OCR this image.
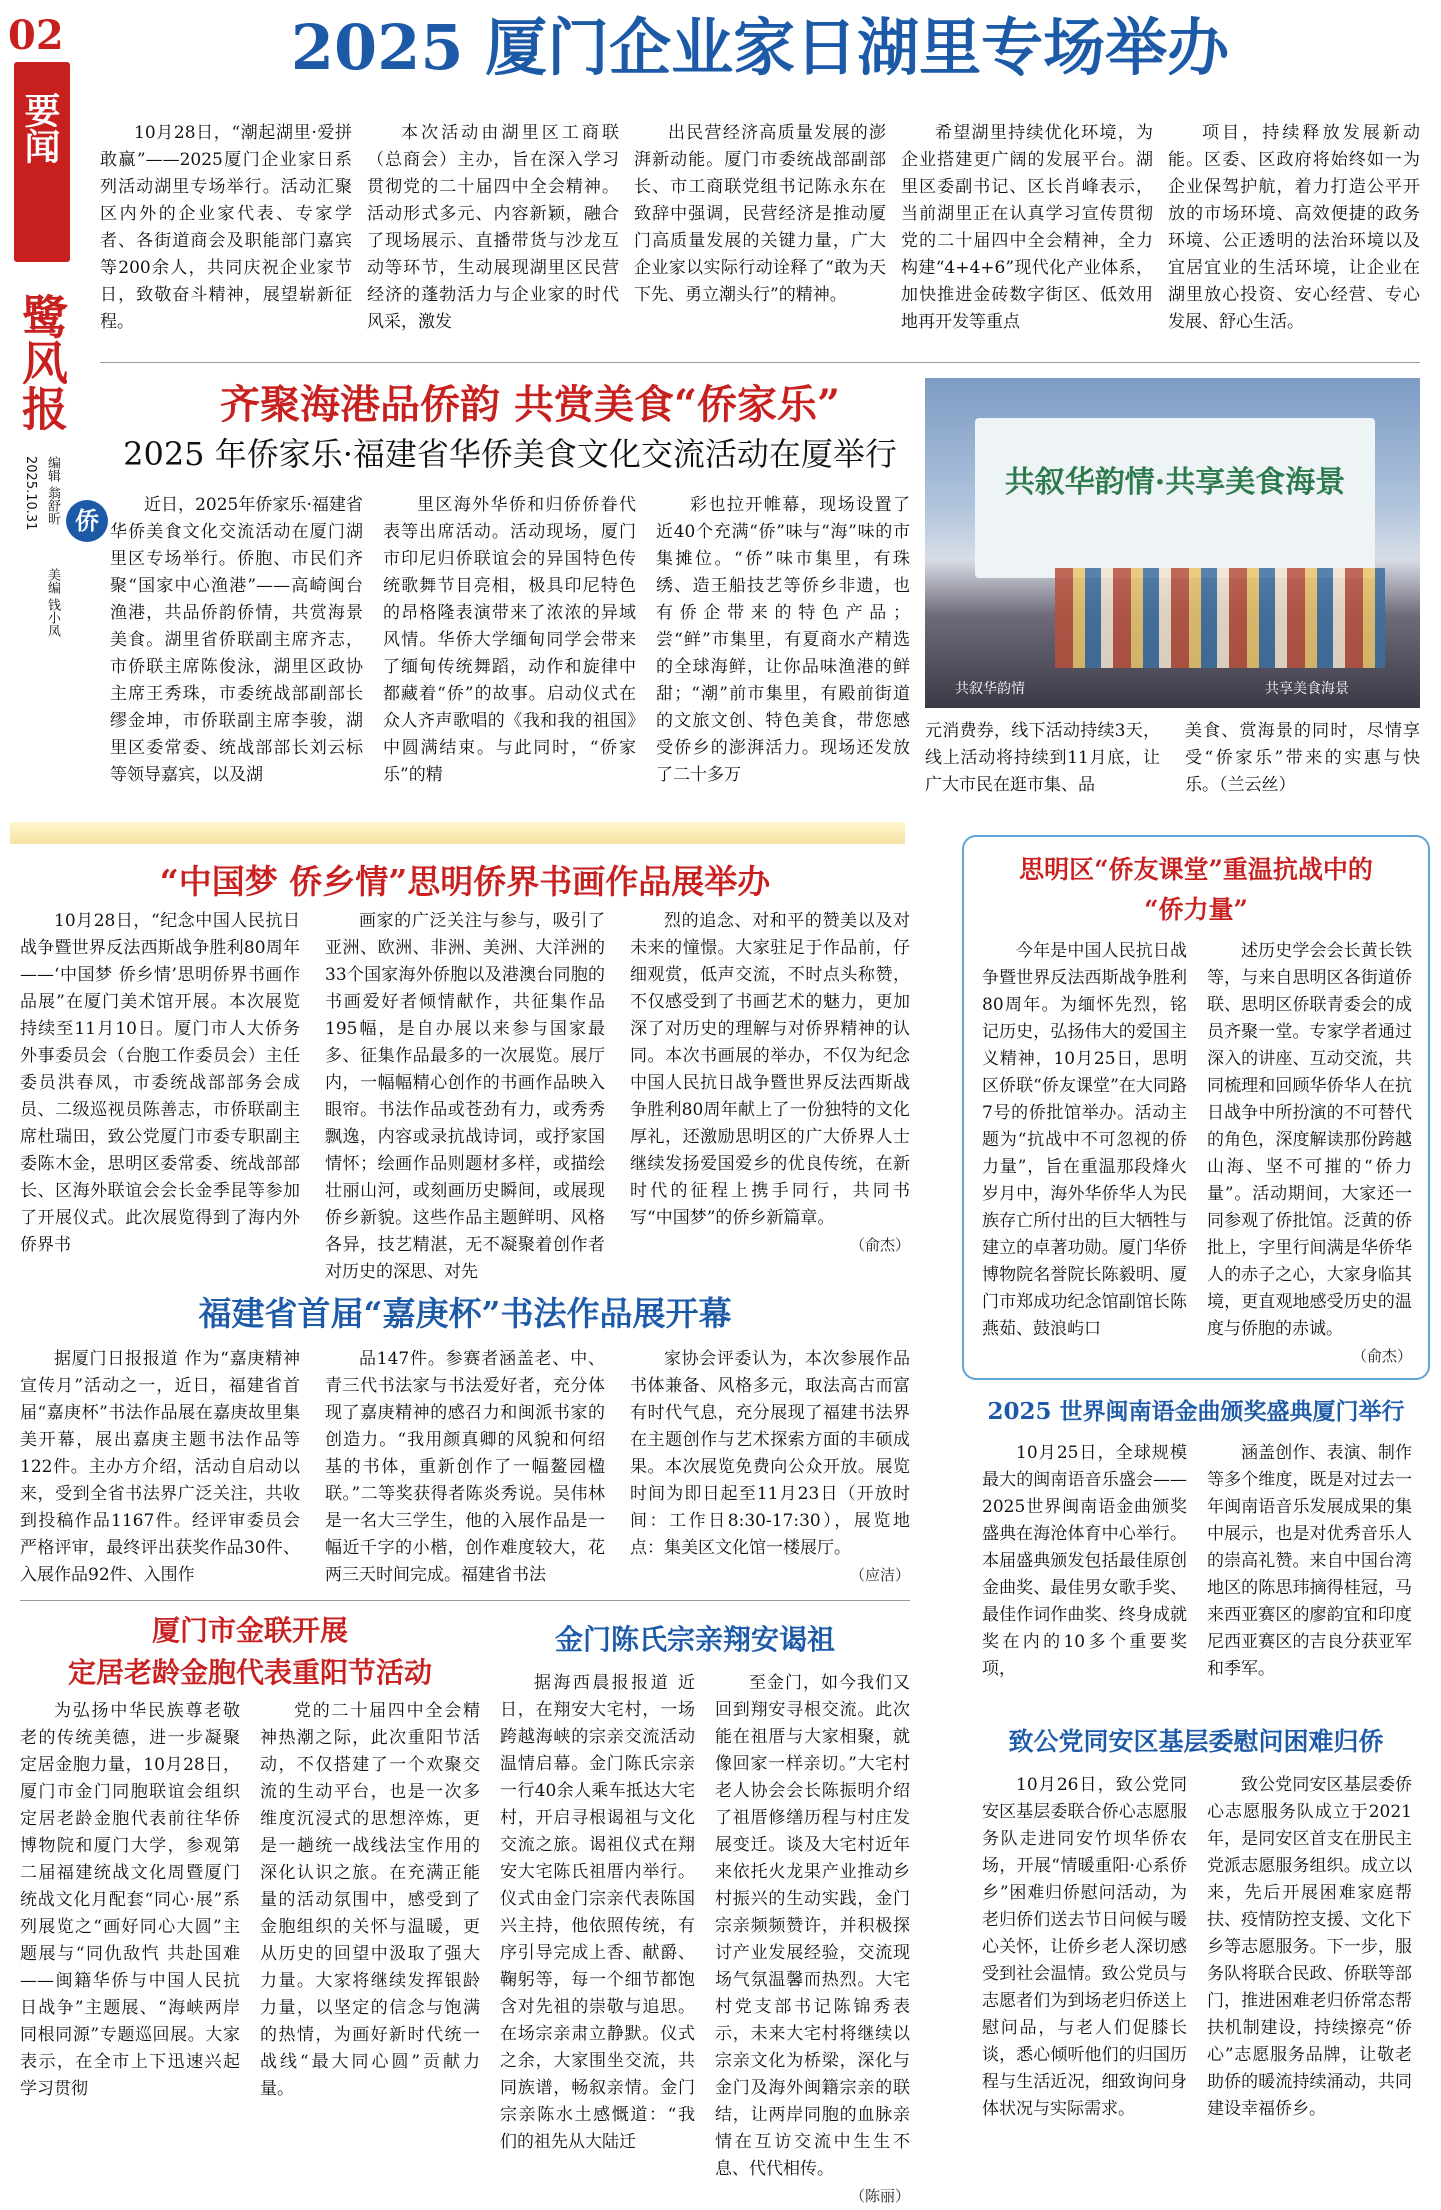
02
要闻
鹭风报
2025.10.31 编辑 翁舒昕
美编 钱小凤
2025 厦门企业家日湖里专场举办

10月28日，“潮起湖里·爱拼敢赢”——2025厦门企业家日系列活动湖里专场举行。活动汇聚区内外的企业家代表、专家学者、各街道商会及职能部门嘉宾等200余人，共同庆祝企业家节日，致敬奋斗精神，展望崭新征程。

本次活动由湖里区工商联（总商会）主办，旨在深入学习贯彻党的二十届四中全会精神。活动形式多元、内容新颖，融合了现场展示、直播带货与沙龙互动等环节，生动展现湖里区民营经济的蓬勃活力与企业家的时代风采，激发

出民营经济高质量发展的澎湃新动能。厦门市委统战部副部长、市工商联党组书记陈永东在致辞中强调，民营经济是推动厦门高质量发展的关键力量，广大企业家以实际行动诠释了“敢为天下先、勇立潮头行”的精神。

希望湖里持续优化环境，为企业搭建更广阔的发展平台。湖里区委副书记、区长肖峰表示，当前湖里正在认真学习宣传贯彻党的二十届四中全会精神，全力构建“4+4+6”现代化产业体系，加快推进金砖数字街区、低效用地再开发等重点

项目，持续释放发展新动能。区委、区政府将始终如一为企业保驾护航，着力打造公平开放的市场环境、高效便捷的政务环境、公正透明的法治环境以及宜居宜业的生活环境，让企业在湖里放心投资、安心经营、专心发展、舒心生活。

齐聚海港品侨韵 共赏美食“侨家乐”
2025 年侨家乐·福建省华侨美食文化交流活动在厦举行
侨

近日，2025年侨家乐·福建省华侨美食文化交流活动在厦门湖里区专场举行。侨胞、市民们齐聚“国家中心渔港”——高崎闽台渔港，共品侨韵侨情，共赏海景美食。湖里省侨联副主席齐志，市侨联主席陈俊泳，湖里区政协主席王秀珠，市委统战部副部长缪金坤，市侨联副主席李骏，湖里区委常委、统战部部长刘云标等领导嘉宾，以及湖

里区海外华侨和归侨侨眷代表等出席活动。活动现场，厦门市印尼归侨联谊会的异国特色传统歌舞节目亮相，极具印尼特色的昂格隆表演带来了浓浓的异域风情。华侨大学缅甸同学会带来了缅甸传统舞蹈，动作和旋律中都藏着“侨”的故事。启动仪式在众人齐声歌唱的《我和我的祖国》中圆满结束。与此同时，“侨家乐”的精

彩也拉开帷幕，现场设置了近40个充满“侨”味与“海”味的市集摊位。“侨”味市集里，有珠绣、造王船技艺等侨乡非遗，也有侨企带来的特色产品；尝“鲜”市集里，有夏商水产精选的全球海鲜，让你品味渔港的鲜甜；“潮”前市集里，有殿前街道的文旅文创、特色美食，带您感受侨乡的澎湃活力。现场还发放了二十多万

共叙华韵情·共享美食海景
共叙华韵情	共享美食海景

元消费券，线下活动持续3天，线上活动将持续到11月底，让广大市民在逛市集、品

美食、赏海景的同时，尽情享受“侨家乐”带来的实惠与快乐。（兰云丝）

“中国梦 侨乡情”思明侨界书画作品展举办

10月28日，“纪念中国人民抗日战争暨世界反法西斯战争胜利80周年——‘中国梦 侨乡情’思明侨界书画作品展”在厦门美术馆开展。本次展览持续至11月10日。厦门市人大侨务外事委员会（台胞工作委员会）主任委员洪春凤，市委统战部部务会成员、二级巡视员陈善志，市侨联副主席杜瑞田，致公党厦门市委专职副主委陈木金，思明区委常委、统战部部长、区海外联谊会会长金季昆等参加了开展仪式。此次展览得到了海内外侨界书

画家的广泛关注与参与，吸引了亚洲、欧洲、非洲、美洲、大洋洲的33个国家海外侨胞以及港澳台同胞的书画爱好者倾情献作，共征集作品195幅，是自办展以来参与国家最多、征集作品最多的一次展览。展厅内，一幅幅精心创作的书画作品映入眼帘。书法作品或苍劲有力，或秀秀飘逸，内容或录抗战诗词，或抒家国情怀；绘画作品则题材多样，或描绘壮丽山河，或刻画历史瞬间，或展现侨乡新貌。这些作品主题鲜明、风格各异，技艺精湛，无不凝聚着创作者对历史的深思、对先

烈的追念、对和平的赞美以及对未来的憧憬。大家驻足于作品前，仔细观赏，低声交流，不时点头称赞，不仅感受到了书画艺术的魅力，更加深了对历史的理解与对侨界精神的认同。本次书画展的举办，不仅为纪念中国人民抗日战争暨世界反法西斯战争胜利80周年献上了一份独特的文化厚礼，还激励思明区的广大侨界人士继续发扬爱国爱乡的优良传统，在新时代的征程上携手同行，共同书写“中国梦”的侨乡新篇章。

（俞杰）
福建省首届“嘉庚杯”书法作品展开幕

据厦门日报报道 作为“嘉庚精神宣传月”活动之一，近日，福建省首届“嘉庚杯”书法作品展在嘉庚故里集美开幕，展出嘉庚主题书法作品等122件。主办方介绍，活动自启动以来，受到全省书法界广泛关注，共收到投稿作品1167件。经评审委员会严格评审，最终评出获奖作品30件、入展作品92件、入围作

品147件。参赛者涵盖老、中、青三代书法家与书法爱好者，充分体现了嘉庚精神的感召力和闽派书家的创造力。“我用颜真卿的风貌和何绍基的书体，重新创作了一幅鳌园楹联。”二等奖获得者陈炎秀说。吴伟林是一名大三学生，他的入展作品是一幅近千字的小楷，创作难度较大，花两三天时间完成。福建省书法

家协会评委认为，本次参展作品书体兼备、风格多元，取法高古而富有时代气息，充分展现了福建书法界在主题创作与艺术探索方面的丰硕成果。本次展览免费向公众开放。展览时间为即日起至11月23日（开放时间：工作日8:30-17:30），展览地点：集美区文化馆一楼展厅。

（应洁）
厦门市金联开展
定居老龄金胞代表重阳节活动

为弘扬中华民族尊老敬老的传统美德，进一步凝聚定居金胞力量，10月28日，厦门市金门同胞联谊会组织定居老龄金胞代表前往华侨博物院和厦门大学，参观第二届福建统战文化周暨厦门统战文化月配套“同心·展”系列展览之“画好同心大圆”主题展与“同仇敌忾 共赴国难——闽籍华侨与中国人民抗日战争”主题展、“海峡两岸同根同源”专题巡回展。大家表示，在全市上下迅速兴起学习贯彻

党的二十届四中全会精神热潮之际，此次重阳节活动，不仅搭建了一个欢聚交流的生动平台，也是一次多维度沉浸式的思想淬炼，更是一趟统一战线法宝作用的深化认识之旅。在充满正能量的活动氛围中，感受到了金胞组织的关怀与温暖，更从历史的回望中汲取了强大力量。大家将继续发挥银龄力量，以坚定的信念与饱满的热情，为画好新时代统一战线“最大同心圆”贡献力量。

金门陈氏宗亲翔安谒祖

据海西晨报报道 近日，在翔安大宅村，一场跨越海峡的宗亲交流活动温情启幕。金门陈氏宗亲一行40余人乘车抵达大宅村，开启寻根谒祖与文化交流之旅。谒祖仪式在翔安大宅陈氏祖厝内举行。仪式由金门宗亲代表陈国兴主持，他依照传统，有序引导完成上香、献爵、鞠躬等，每一个细节都饱含对先祖的崇敬与追思。在场宗亲肃立静默。仪式之余，大家围坐交流，共同族谱，畅叙亲情。金门宗亲陈水土感慨道：“我们的祖先从大陆迁

至金门，如今我们又回到翔安寻根交流。此次能在祖厝与大家相聚，就像回家一样亲切。”大宅村老人协会会长陈振明介绍了祖厝修缮历程与村庄发展变迁。谈及大宅村近年来依托火龙果产业推动乡村振兴的生动实践，金门宗亲频频赞许，并积极探讨产业发展经验，交流现场气氛温馨而热烈。大宅村党支部书记陈锦秀表示，未来大宅村将继续以宗亲文化为桥梁，深化与金门及海外闽籍宗亲的联结，让两岸同胞的血脉亲情在互访交流中生生不息、代代相传。

（陈丽）
思明区“侨友课堂”重温抗战中的
“侨力量”

今年是中国人民抗日战争暨世界反法西斯战争胜利80周年。为缅怀先烈，铭记历史，弘扬伟大的爱国主义精神，10月25日，思明区侨联“侨友课堂”在大同路7号的侨批馆举办。活动主题为“抗战中不可忽视的侨力量”，旨在重温那段烽火岁月中，海外华侨华人为民族存亡所付出的巨大牺牲与建立的卓著功勋。厦门华侨博物院名誉院长陈毅明、厦门市郑成功纪念馆副馆长陈燕茹、鼓浪屿口

述历史学会会长黄长铁等，与来自思明区各街道侨联、思明区侨联青委会的成员齐聚一堂。专家学者通过深入的讲座、互动交流，共同梳理和回顾华侨华人在抗日战争中所扮演的不可替代的角色，深度解读那份跨越山海、坚不可摧的“侨力量”。活动期间，大家还一同参观了侨批馆。泛黄的侨批上，字里行间满是华侨华人的赤子之心，大家身临其境，更直观地感受历史的温度与侨胞的赤诚。

（俞杰）
2025 世界闽南语金曲颁奖盛典厦门举行

10月25日，全球规模最大的闽南语音乐盛会——2025世界闽南语金曲颁奖盛典在海沧体育中心举行。本届盛典颁发包括最佳原创金曲奖、最佳男女歌手奖、最佳作词作曲奖、终身成就奖在内的10多个重要奖项，

涵盖创作、表演、制作等多个维度，既是对过去一年闽南语音乐发展成果的集中展示，也是对优秀音乐人的崇高礼赞。来自中国台湾地区的陈思玮摘得桂冠，马来西亚赛区的廖韵宜和印度尼西亚赛区的吉良分获亚军和季军。

致公党同安区基层委慰问困难归侨

10月26日，致公党同安区基层委联合侨心志愿服务队走进同安竹坝华侨农场，开展“情暖重阳·心系侨乡”困难归侨慰问活动，为老归侨们送去节日问候与暖心关怀，让侨乡老人深切感受到社会温情。致公党员与志愿者们为到场老归侨送上慰问品，与老人们促膝长谈，悉心倾听他们的归国历程与生活近况，细致询问身体状况与实际需求。

致公党同安区基层委侨心志愿服务队成立于2021年，是同安区首支在册民主党派志愿服务组织。成立以来，先后开展困难家庭帮扶、疫情防控支援、文化下乡等志愿服务。下一步，服务队将联合民政、侨联等部门，推进困难老归侨常态帮扶机制建设，持续擦亮“侨心”志愿服务品牌，让敬老助侨的暖流持续涌动，共同建设幸福侨乡。
